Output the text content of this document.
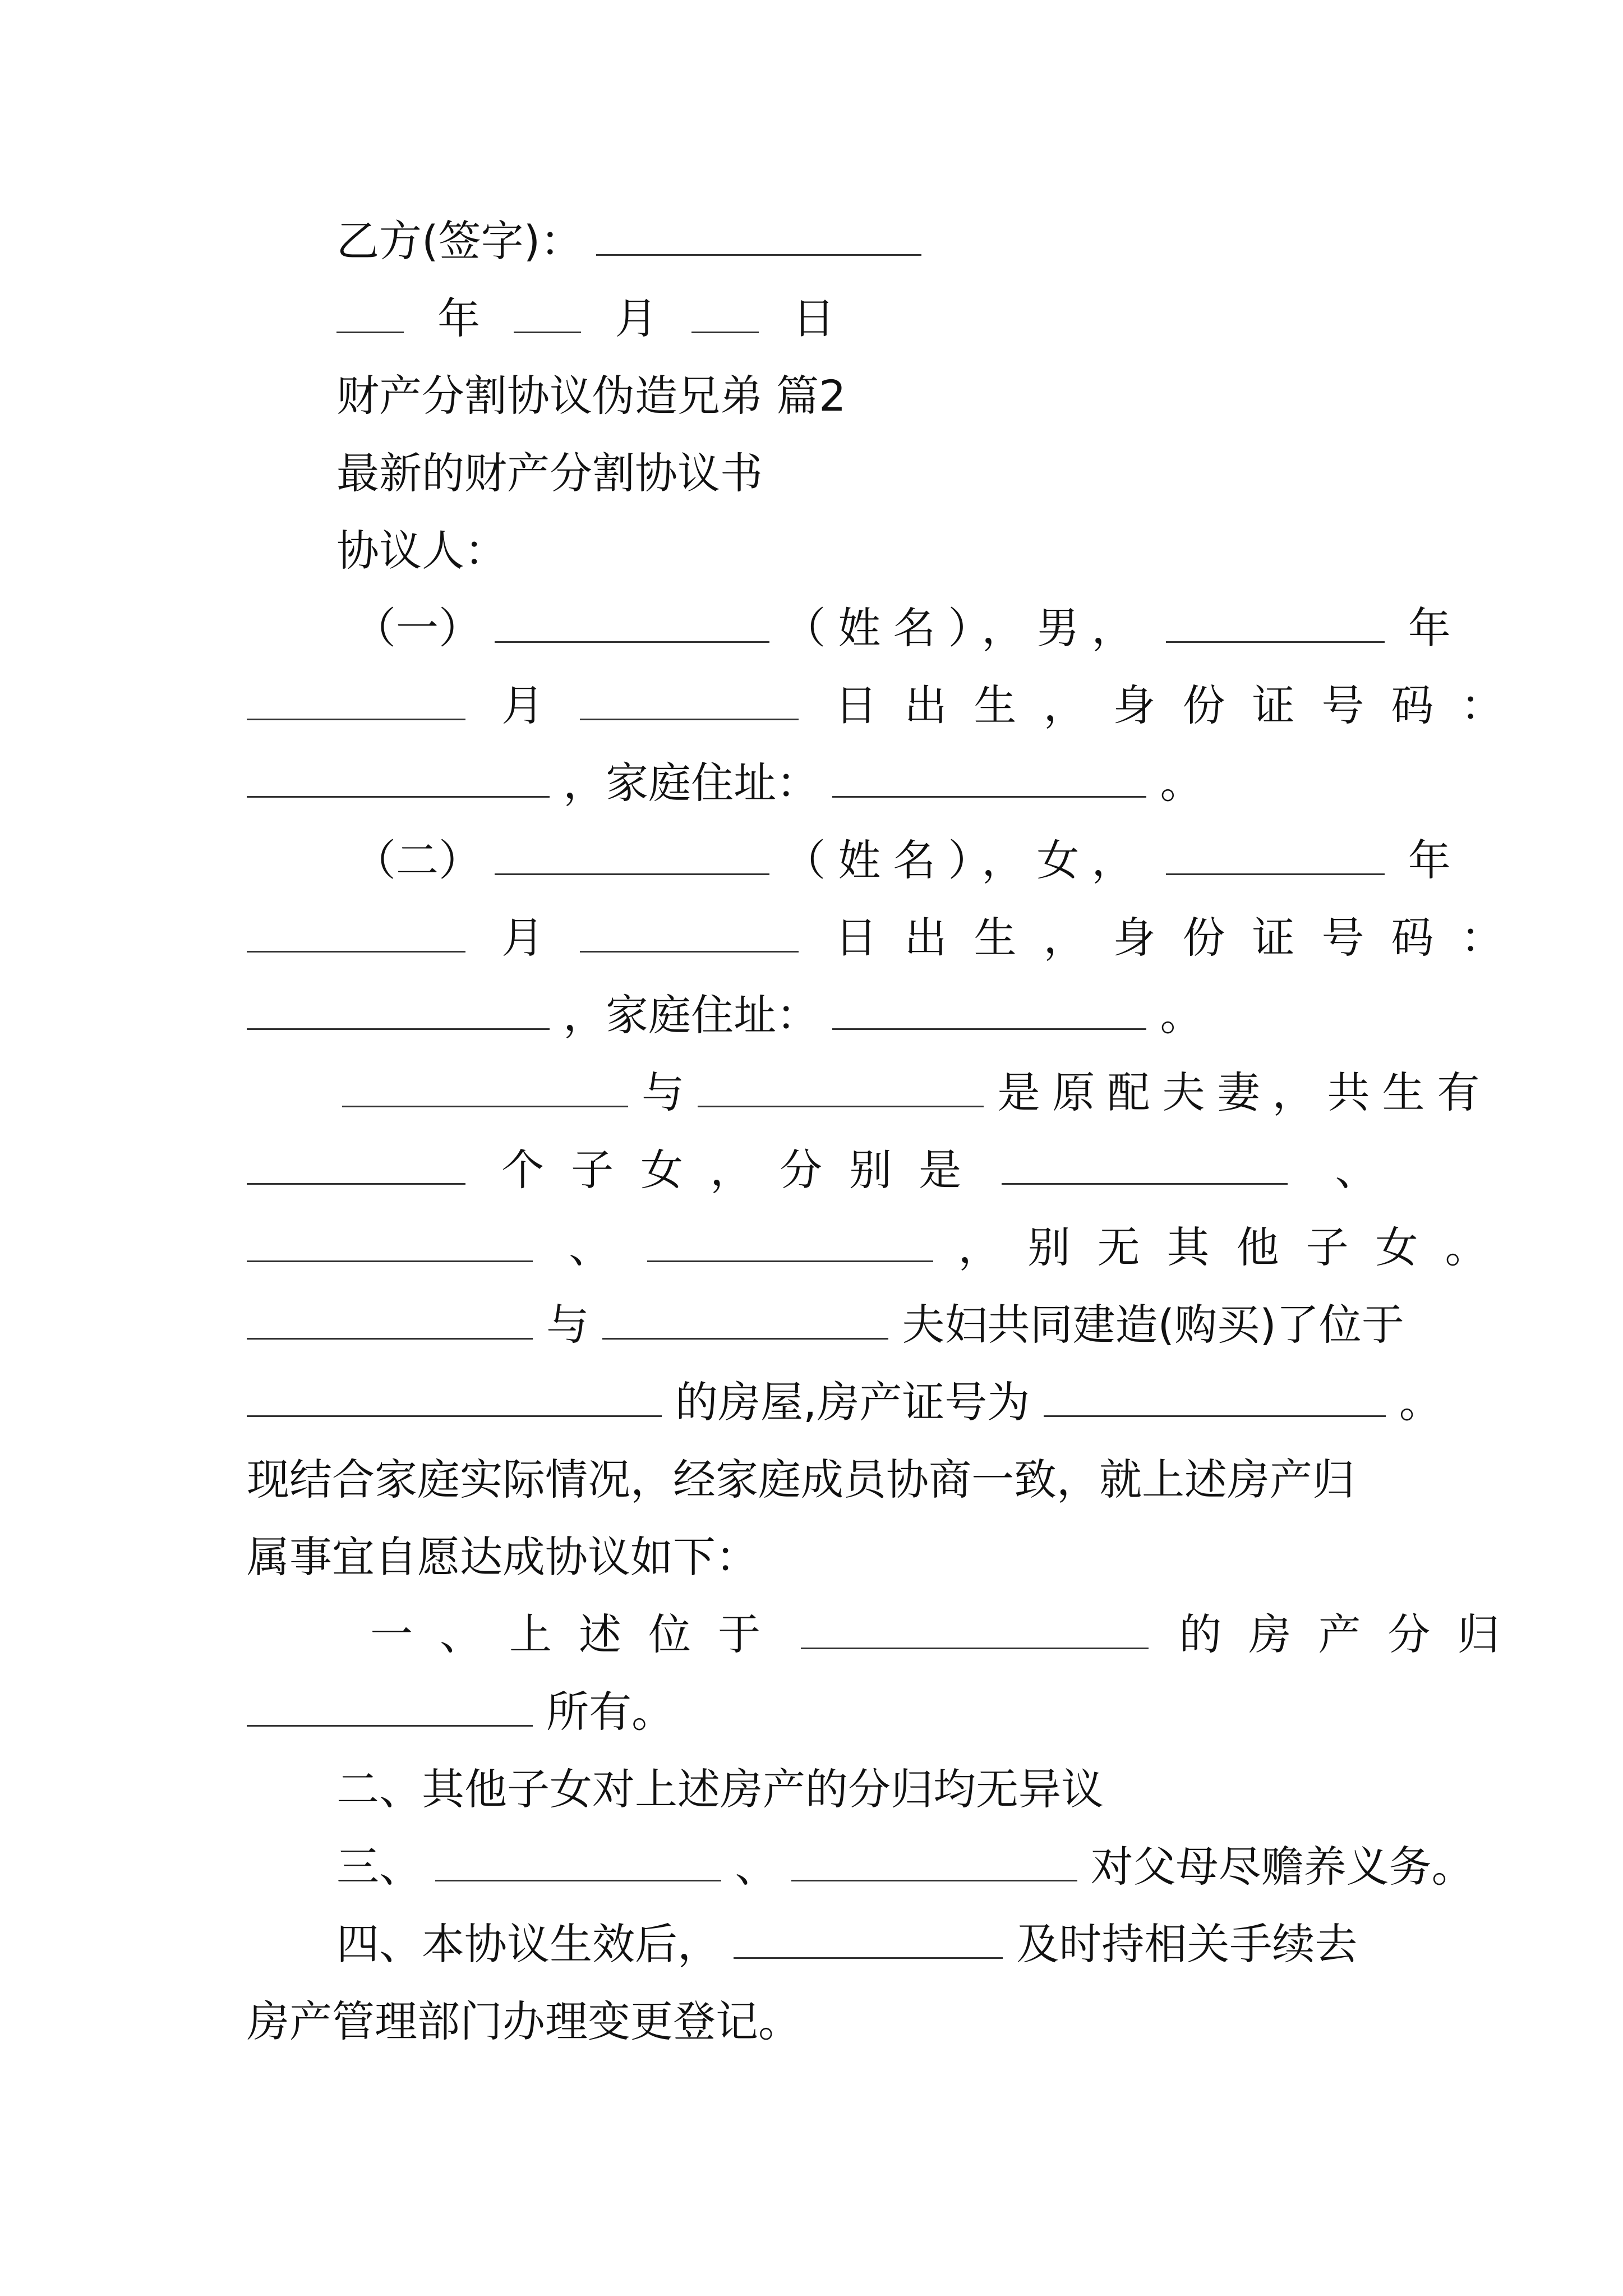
乙方(签字)：
年	月	日
财产分割协议伪造兄弟 篇2
最新的财产分割协议书
协议人：
（一）	（姓名），男，	年
月	日出生，身份证号码：
，家庭住址：	。
（二）	（姓名），女，	年
月	日出生，身份证号码：
，家庭住址：	。
与	是原配夫妻，共生有
个子女，分别是	、
、	，别无其他子女。
与	夫妇共同建造(购买)了位于
的房屋,房产证号为	。
现结合家庭实际情况，经家庭成员协商一致，就上述房产归
属事宜自愿达成协议如下：
一、上述位于	的房产分归
所有。
二、其他子女对上述房产的分归均无异议
三、	、	对父母尽赡养义务。
四、本协议生效后，	及时持相关手续去
房产管理部门办理变更登记。
